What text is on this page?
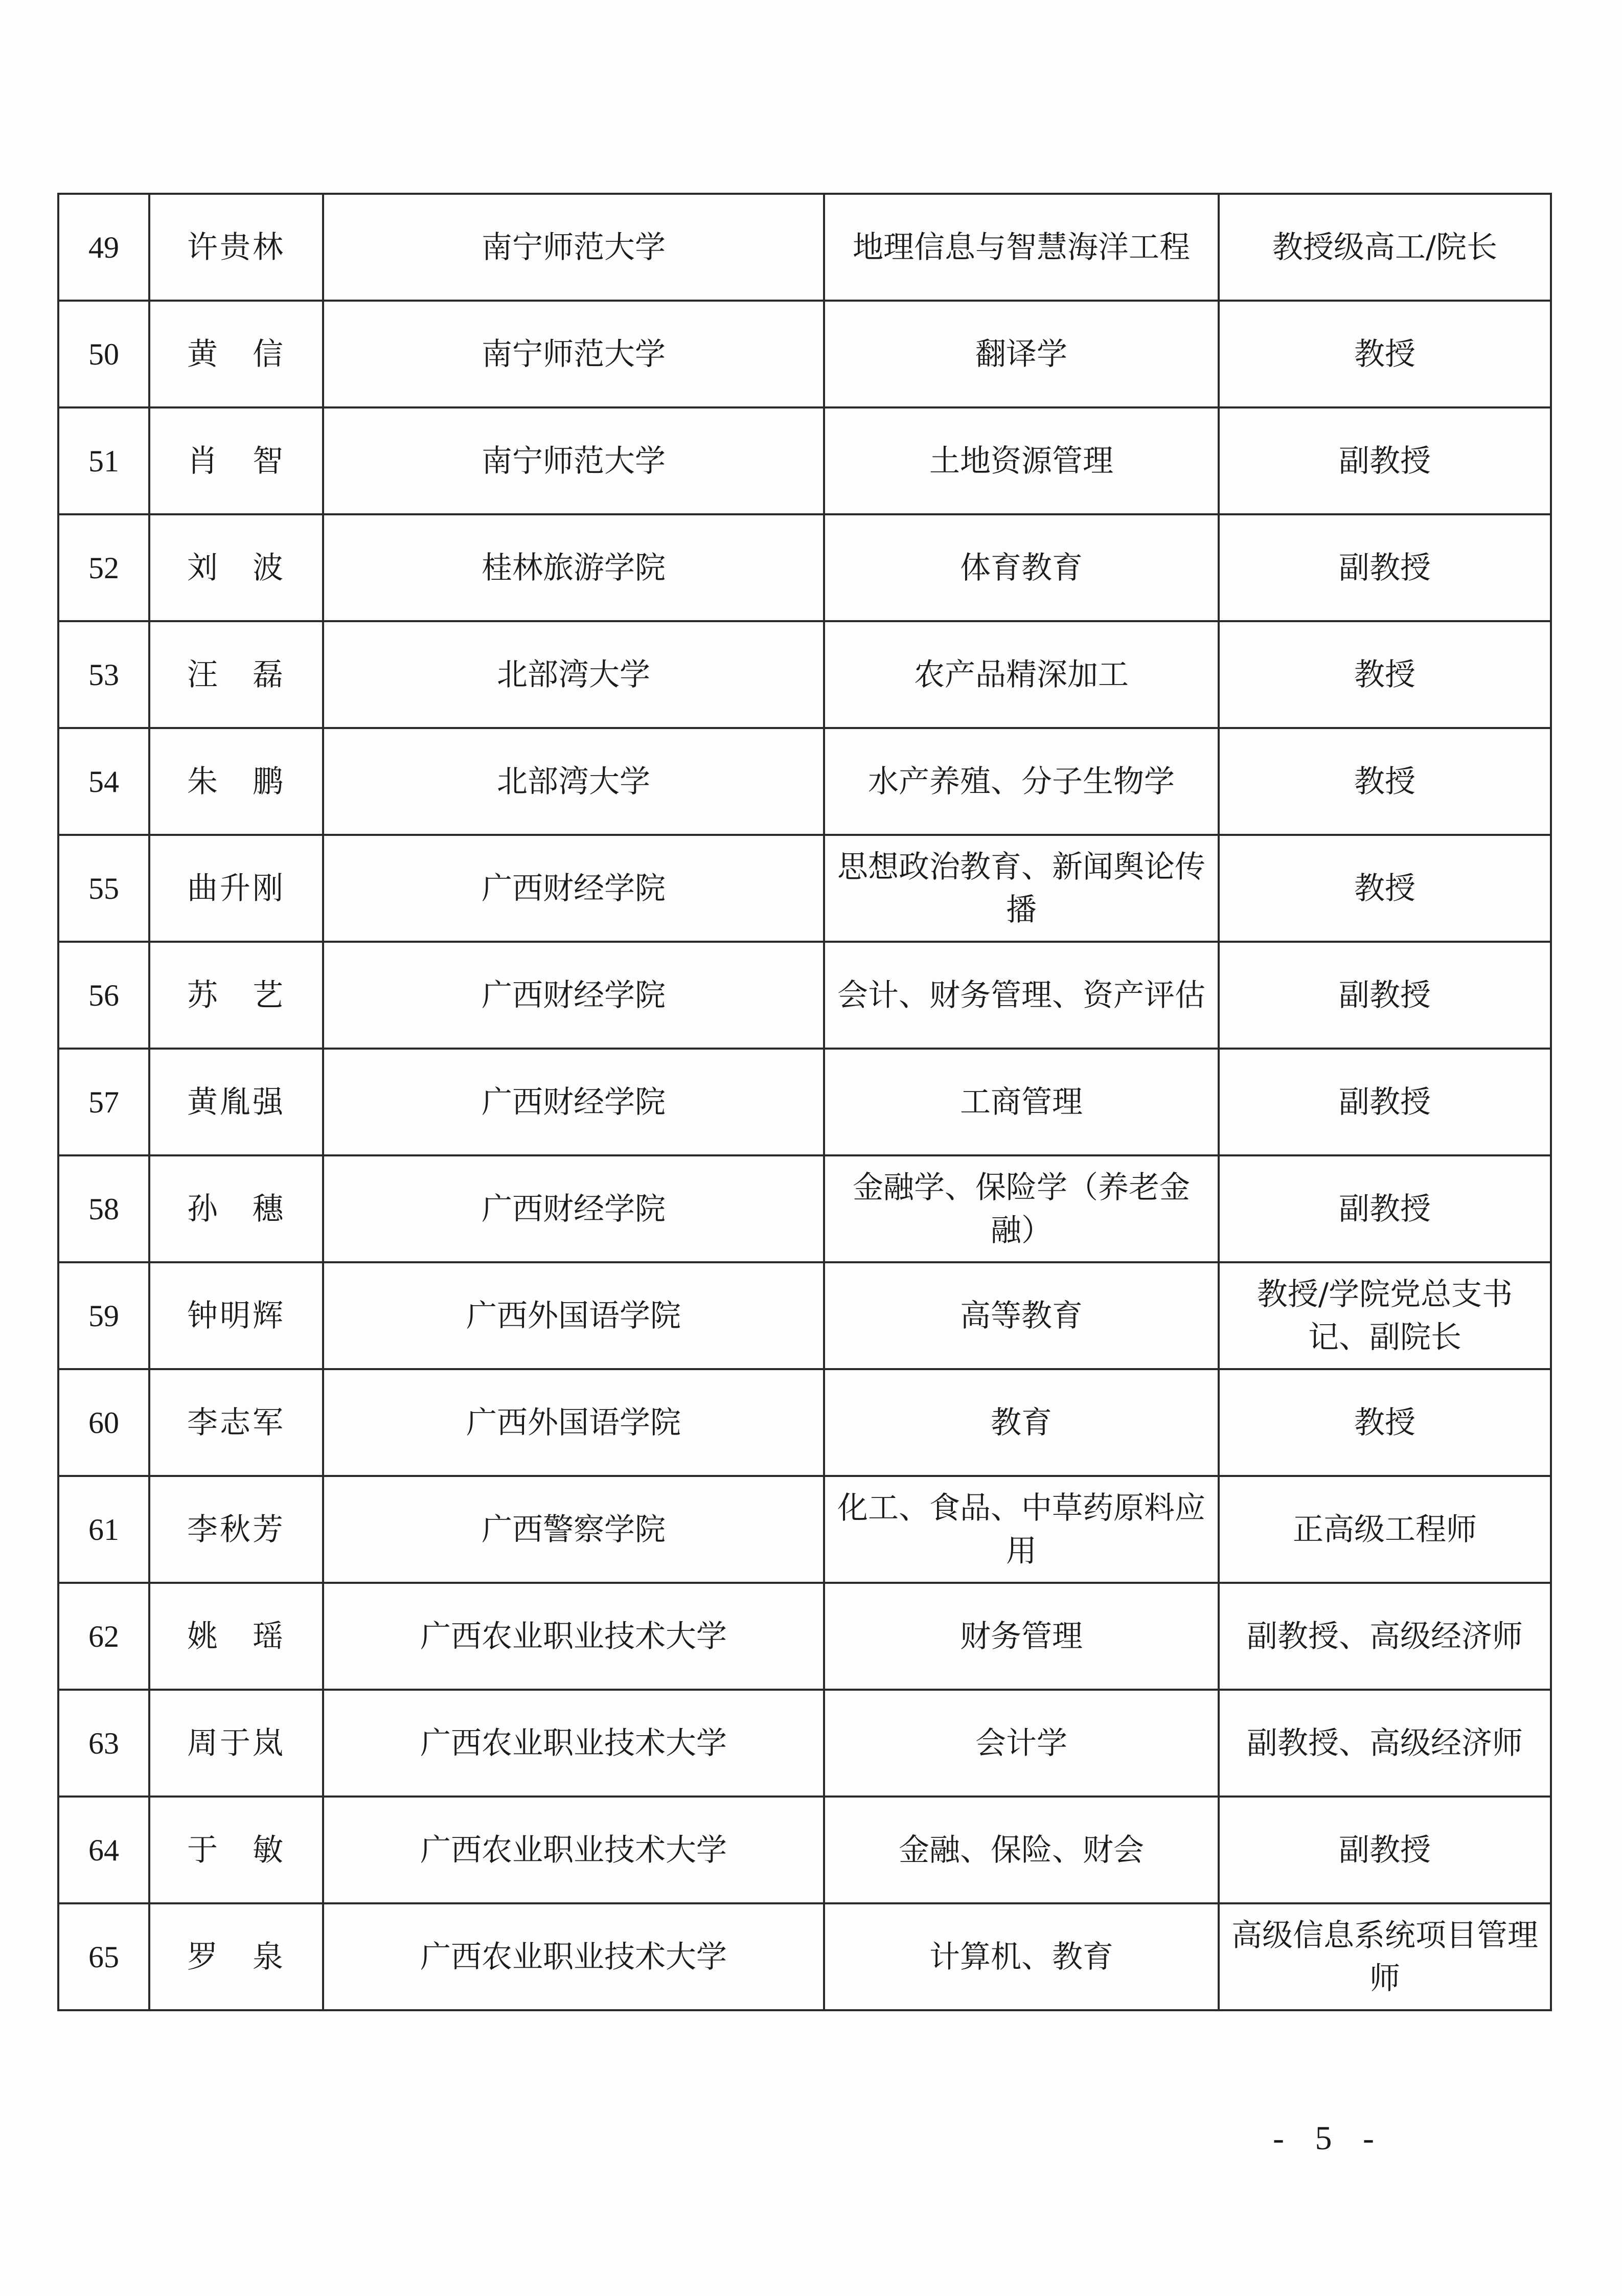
49	许贵林	南宁师范大学	地理信息与智慧海洋工程	教授级高工/院长
50	黄　信	南宁师范大学	翻译学	教授
51	肖　智	南宁师范大学	土地资源管理	副教授
52	刘　波	桂林旅游学院	体育教育	副教授
53	汪　磊	北部湾大学	农产品精深加工	教授
54	朱　鹏	北部湾大学	水产养殖、分子生物学	教授
55	曲升刚	广西财经学院	思想政治教育、新闻舆论传播	教授
56	苏　艺	广西财经学院	会计、财务管理、资产评估	副教授
57	黄胤强	广西财经学院	工商管理	副教授
58	孙　穗	广西财经学院	金融学、保险学（养老金融）	副教授
59	钟明辉	广西外国语学院	高等教育	教授/学院党总支书记、副院长
60	李志军	广西外国语学院	教育	教授
61	李秋芳	广西警察学院	化工、食品、中草药原料应用	正高级工程师
62	姚　瑶	广西农业职业技术大学	财务管理	副教授、高级经济师
63	周于岚	广西农业职业技术大学	会计学	副教授、高级经济师
64	于　敏	广西农业职业技术大学	金融、保险、财会	副教授
65	罗　泉	广西农业职业技术大学	计算机、教育	高级信息系统项目管理师
- 5 -
